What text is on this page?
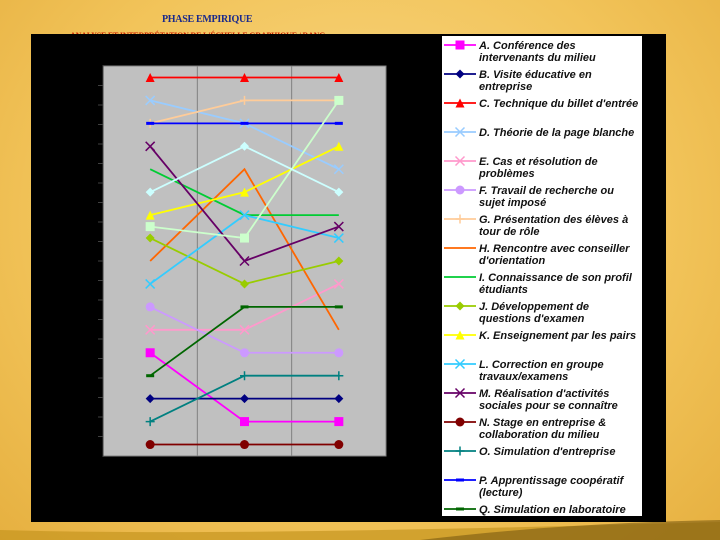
PHASE EMPIRIQUE
A. Conférence des intervenants du milieu
B. Visite éducative en entreprise
C. Technique du billet d'entrée
D. Théorie de la page blanche
E. Cas et résolution de problèmes
F. Travail de recherche ou sujet imposé
G. Présentation des élèves à tour de rôle
H. Rencontre avec conseiller d'orientation
I. Connaissance de son profil étudiants
J. Développement de questions d'examen
K. Enseignement par les pairs
L. Correction en groupe travaux/examens
M. Réalisation d'activités sociales pour se connaître
N. Stage en entreprise & collaboration du milieu
O. Simulation d'entreprise
P. Apprentissage coopératif (lecture)
Q. Simulation en laboratoire
